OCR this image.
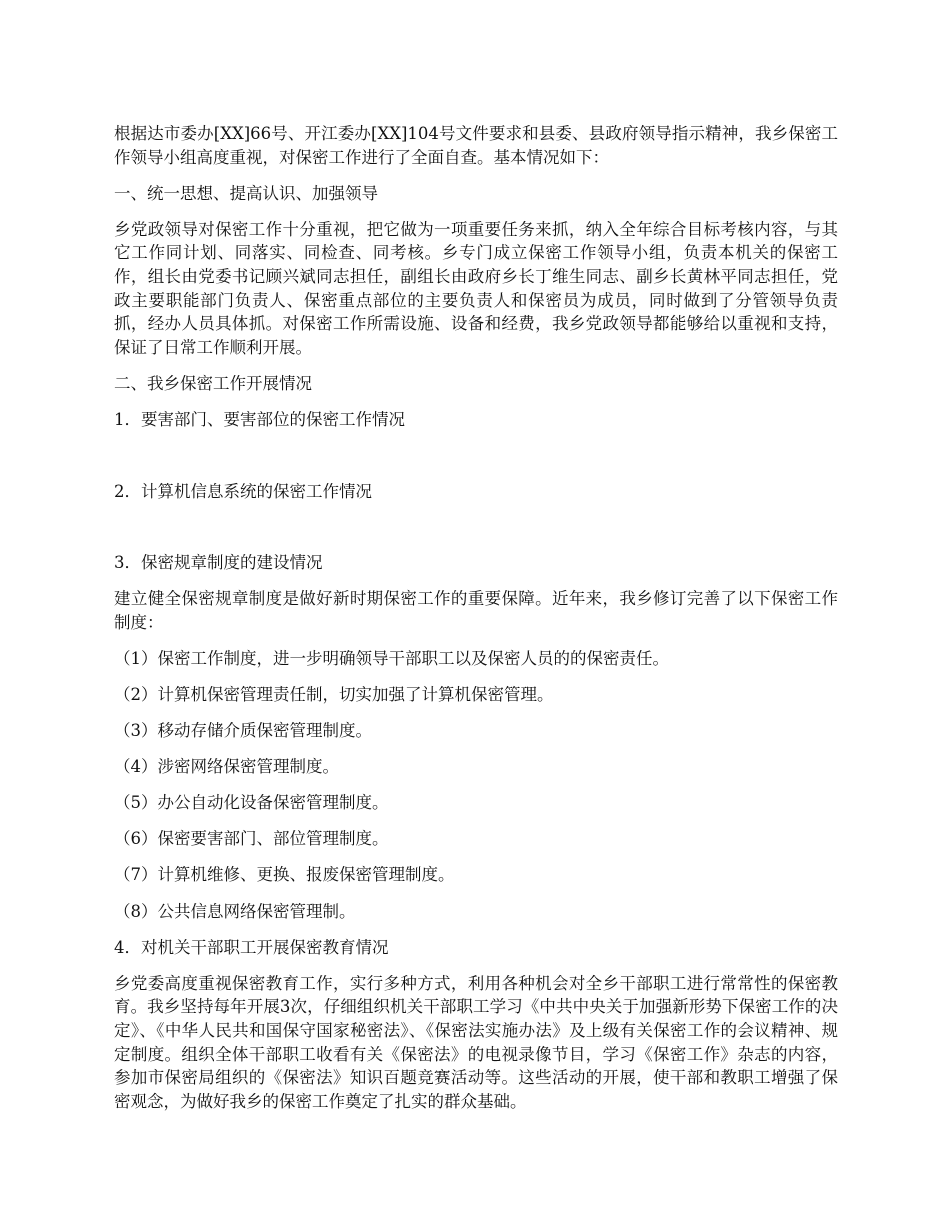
根据达市委办[XX]66号、开江委办[XX]104号文件要求和县委、县政府领导指示精神，我乡保密工作领导小组高度重视，对保密工作进行了全面自查。基本情况如下：

一、统一思想、提高认识、加强领导

乡党政领导对保密工作十分重视，把它做为一项重要任务来抓，纳入全年综合目标考核内容，与其它工作同计划、同落实、同检查、同考核。乡专门成立保密工作领导小组，负责本机关的保密工作，组长由党委书记顾兴斌同志担任，副组长由政府乡长丁维生同志、副乡长黄林平同志担任，党政主要职能部门负责人、保密重点部位的主要负责人和保密员为成员，同时做到了分管领导负责抓，经办人员具体抓。对保密工作所需设施、设备和经费，我乡党政领导都能够给以重视和支持，保证了日常工作顺利开展。

二、我乡保密工作开展情况

1．要害部门、要害部位的保密工作情况

2．计算机信息系统的保密工作情况

3．保密规章制度的建设情况

建立健全保密规章制度是做好新时期保密工作的重要保障。近年来，我乡修订完善了以下保密工作制度：

（1）保密工作制度，进一步明确领导干部职工以及保密人员的的保密责任。

（2）计算机保密管理责任制，切实加强了计算机保密管理。

（3）移动存储介质保密管理制度。

（4）涉密网络保密管理制度。

（5）办公自动化设备保密管理制度。

（6）保密要害部门、部位管理制度。

（7）计算机维修、更换、报废保密管理制度。

（8）公共信息网络保密管理制。

4．对机关干部职工开展保密教育情况

乡党委高度重视保密教育工作，实行多种方式，利用各种机会对全乡干部职工进行常常性的保密教育。我乡坚持每年开展3次，仔细组织机关干部职工学习《中共中央关于加强新形势下保密工作的决定》、《中华人民共和国保守国家秘密法》、《保密法实施办法》及上级有关保密工作的会议精神、规定制度。组织全体干部职工收看有关《保密法》的电视录像节目，学习《保密工作》杂志的内容，参加市保密局组织的《保密法》知识百题竞赛活动等。这些活动的开展，使干部和教职工增强了保密观念，为做好我乡的保密工作奠定了扎实的群众基础。
